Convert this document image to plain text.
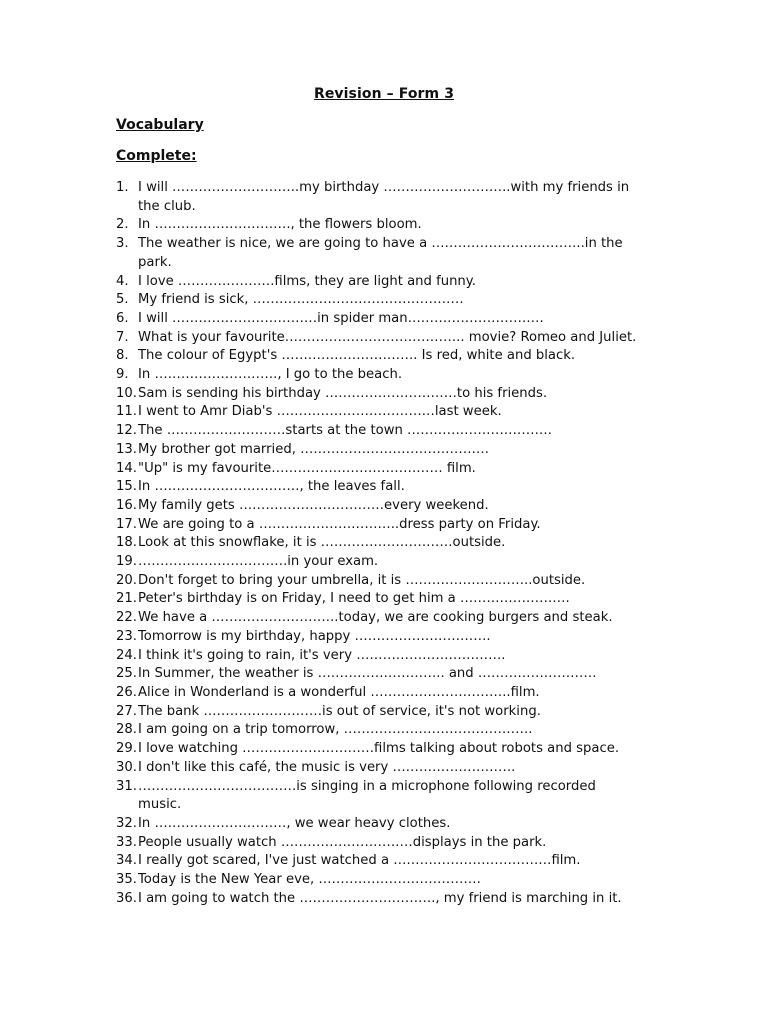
Revision – Form 3
Vocabulary
Complete:
1. I will ………………………..my birthday ………………………..with my friends in the club.
2. In …………………………., the flowers bloom.
3. The weather is nice, we are going to have a ……………………………..in the park.
4. I love ………………….films, they are light and funny.
5. My friend is sick, …………………………………………
6. I will ……………………………in spider man………………………….
7. What is your favourite………………………………….. movie? Romeo and Juliet.
8. The colour of Egypt's …………………………. Is red, white and black.
9. In ………………………., I go to the beach.
10. Sam is sending his birthday …………………………to his friends.
11. I went to Amr Diab's ………………………………last week.
12. The ………………………starts at the town ……………………………
13. My brother got married, …………………………………….
14. "Up" is my favourite………………………………… film.
15. In ……………………………, the leaves fall.
16. My family gets ……………………………every weekend.
17. We are going to a …………………………..dress party on Friday.
18. Look at this snowflake, it is …………………………outside.
19. …………………………….in your exam.
20. Don't forget to bring your umbrella, it is ………………………..outside.
21. Peter's birthday is on Friday, I need to get him a …………………….
22. We have a ………………………..today, we are cooking burgers and steak.
23. Tomorrow is my birthday, happy ………………………….
24. I think it's going to rain, it's very …………………………….
25. In Summer, the weather is ……………………….. and ………………………
26. Alice in Wonderland is a wonderful …………………………..film.
27. The bank ………………………is out of service, it's not working.
28. I am going on a trip tomorrow, …………………………………….
29. I love watching …………………………films talking about robots and space.
30. I don't like this café, the music is very ……………………….
31. ………………………………is singing in a microphone following recorded music.
32. In …………………………, we wear heavy clothes.
33. People usually watch …………………………displays in the park.
34. I really got scared, I've just watched a ………………………………film.
35. Today is the New Year eve, ……………………………….
36. I am going to watch the …………………………., my friend is marching in it.
